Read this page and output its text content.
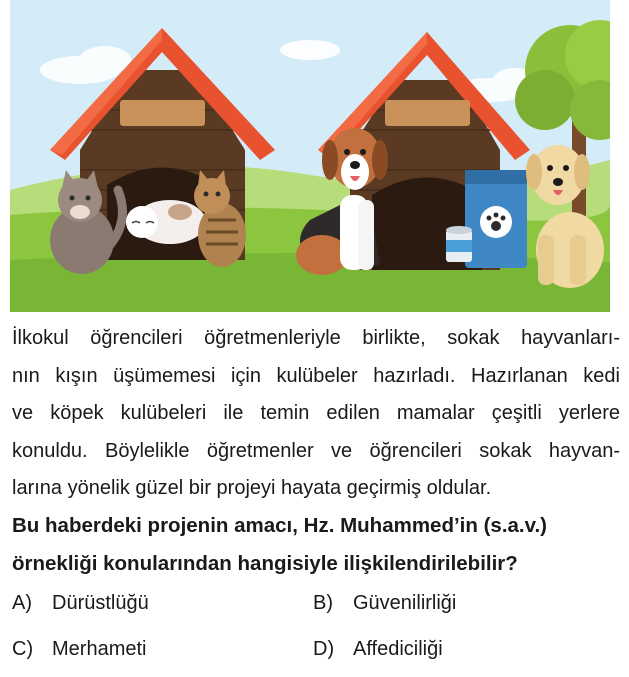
İlkokul öğrencileri öğretmenleriyle birlikte, sokak hayvanları-
nın kışın üşümemesi için kulübeler hazırladı. Hazırlanan kedi
ve köpek kulübeleri ile temin edilen mamalar çeşitli yerlere
konuldu. Böylelikle öğretmenler ve öğrencileri sokak hayvan-
larına yönelik güzel bir projeyi hayata geçirmiş oldular.
Bu haberdeki projenin amacı, Hz. Muhammed’in (s.a.v.)
örnekliği konularından hangisiyle ilişkilendirilebilir?
A) Dürüstlüğü	B) Güvenilirliği
C) Merhameti	D) Affediciliği
